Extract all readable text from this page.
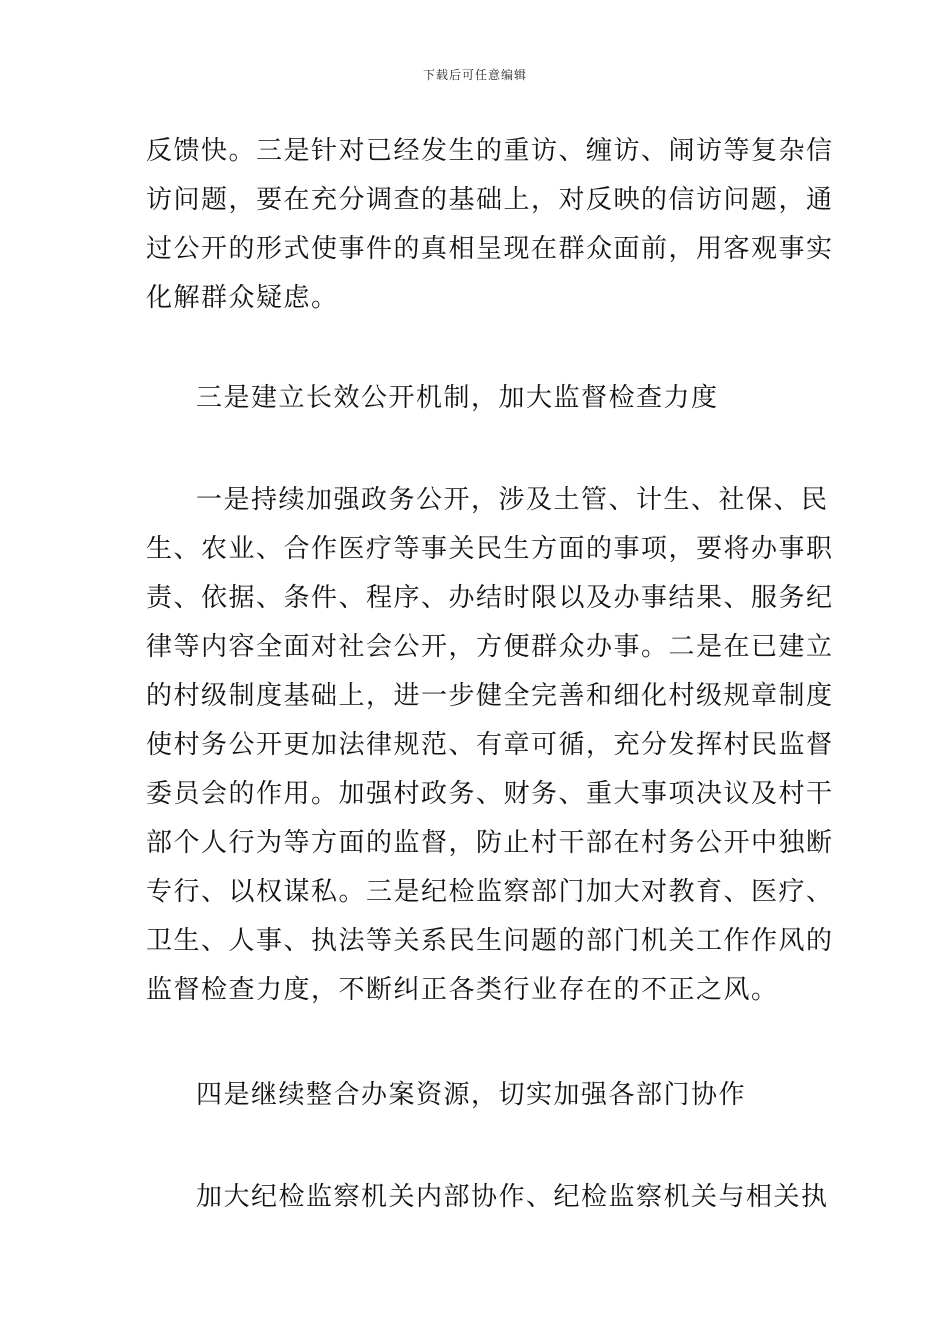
下载后可任意编辑
反馈快。三是针对已经发生的重访、缠访、闹访等复杂信
访问题，要在充分调查的基础上，对反映的信访问题，通
过公开的形式使事件的真相呈现在群众面前，用客观事实
化解群众疑虑。
三是建立长效公开机制，加大监督检查力度
一是持续加强政务公开，涉及土管、计生、社保、民
生、农业、合作医疗等事关民生方面的事项，要将办事职
责、依据、条件、程序、办结时限以及办事结果、服务纪
律等内容全面对社会公开，方便群众办事。二是在已建立
的村级制度基础上，进一步健全完善和细化村级规章制度
使村务公开更加法律规范、有章可循，充分发挥村民监督
委员会的作用。加强村政务、财务、重大事项决议及村干
部个人行为等方面的监督，防止村干部在村务公开中独断
专行、以权谋私。三是纪检监察部门加大对教育、医疗、
卫生、人事、执法等关系民生问题的部门机关工作作风的
监督检查力度，不断纠正各类行业存在的不正之风。
四是继续整合办案资源，切实加强各部门协作
加大纪检监察机关内部协作、纪检监察机关与相关执
